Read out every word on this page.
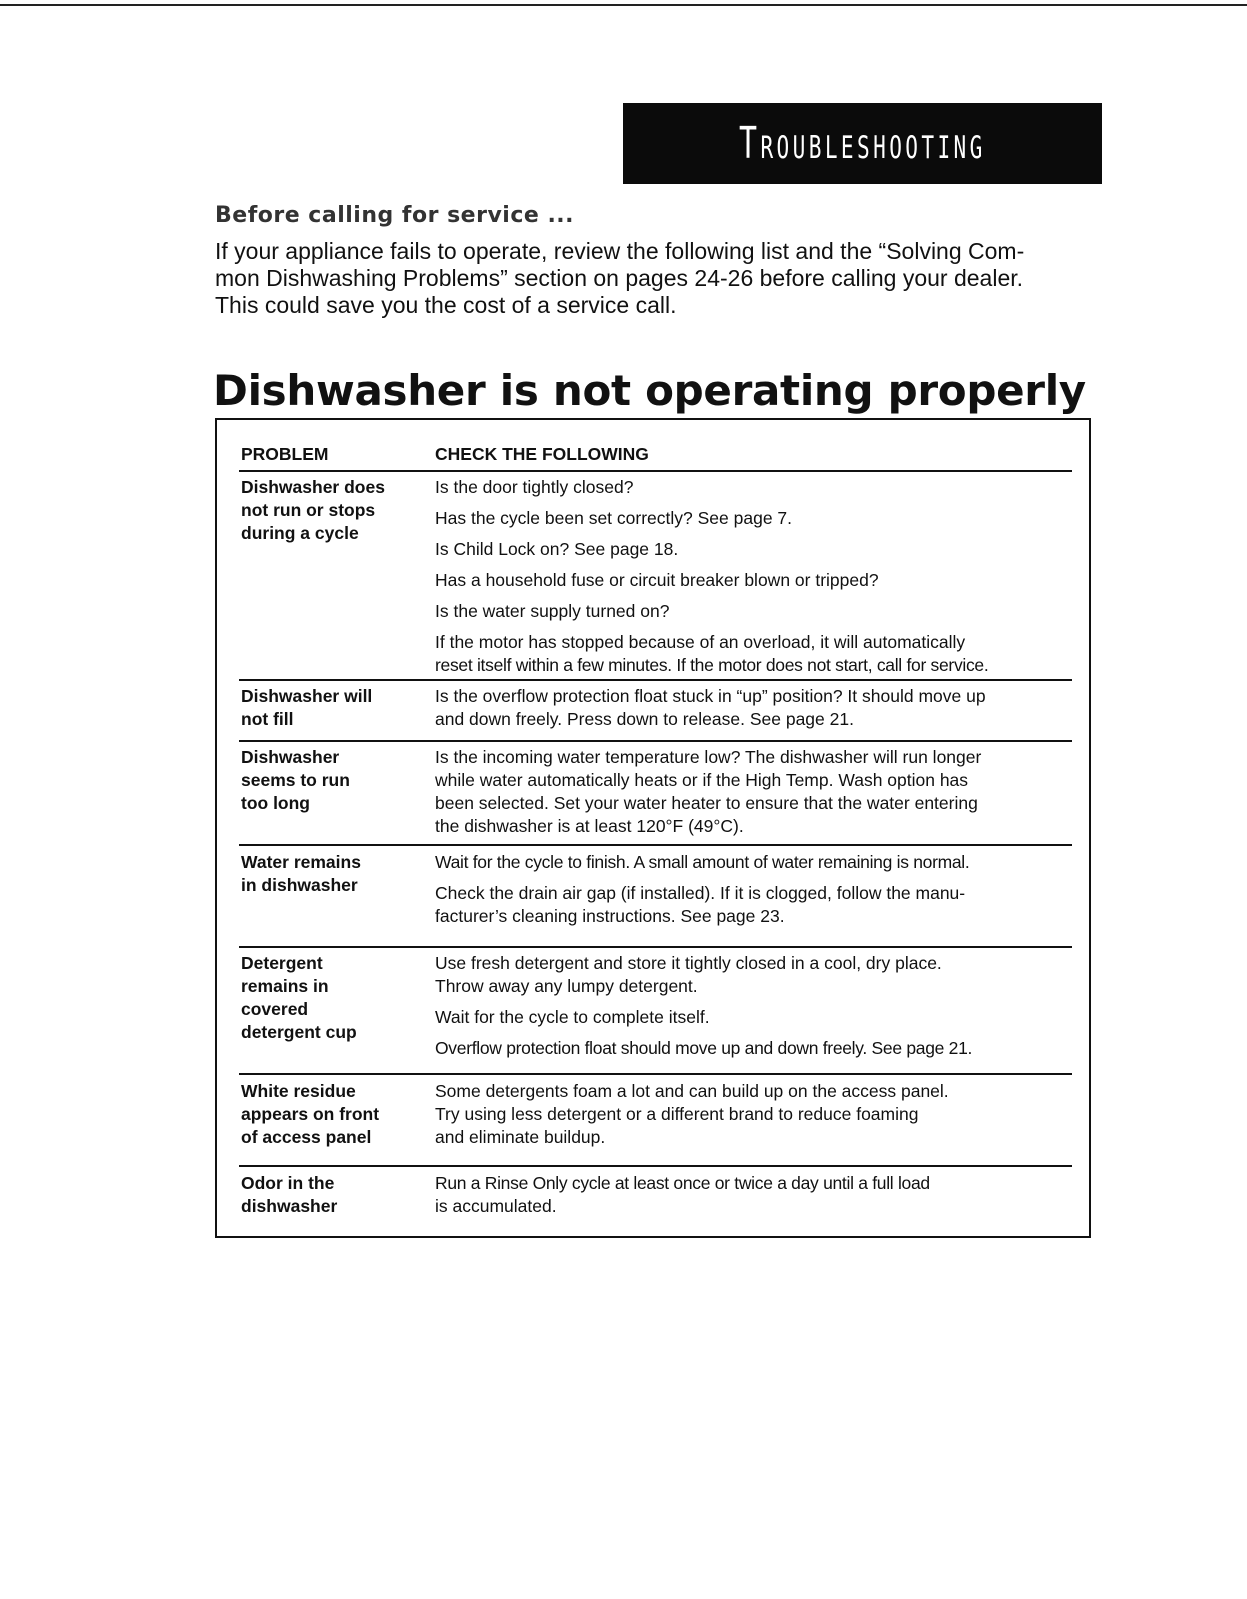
Troubleshooting
Before calling for service ...

If your appliance fails to operate, review the following list and the “Solving Com-
mon Dishwashing Problems” section on pages 24-26 before calling your dealer.
This could save you the cost of a service call.

Dishwasher is not operating properly
PROBLEM	CHECK THE FOLLOWING
Dishwasher does
not run or stops
during a cycle
Is the door tightly closed?
Has the cycle been set correctly? See page 7.
Is Child Lock on? See page 18.
Has a household fuse or circuit breaker blown or tripped?
Is the water supply turned on?
If the motor has stopped because of an overload, it will automatically
reset itself within a few minutes. If the motor does not start, call for service.
Dishwasher will
not fill
Is the overflow protection float stuck in “up” position? It should move up
and down freely. Press down to release. See page 21.
Dishwasher
seems to run
too long
Is the incoming water temperature low? The dishwasher will run longer
while water automatically heats or if the High Temp. Wash option has
been selected. Set your water heater to ensure that the water entering
the dishwasher is at least 120°F (49°C).
Water remains
in dishwasher
Wait for the cycle to finish. A small amount of water remaining is normal.
Check the drain air gap (if installed). If it is clogged, follow the manu-
facturer’s cleaning instructions. See page 23.
Detergent
remains in
covered
detergent cup
Use fresh detergent and store it tightly closed in a cool, dry place.
Throw away any lumpy detergent.
Wait for the cycle to complete itself.
Overflow protection float should move up and down freely. See page 21.
White residue
appears on front
of access panel
Some detergents foam a lot and can build up on the access panel.
Try using less detergent or a different brand to reduce foaming
and eliminate buildup.
Odor in the
dishwasher
Run a Rinse Only cycle at least once or twice a day until a full load
is accumulated.
